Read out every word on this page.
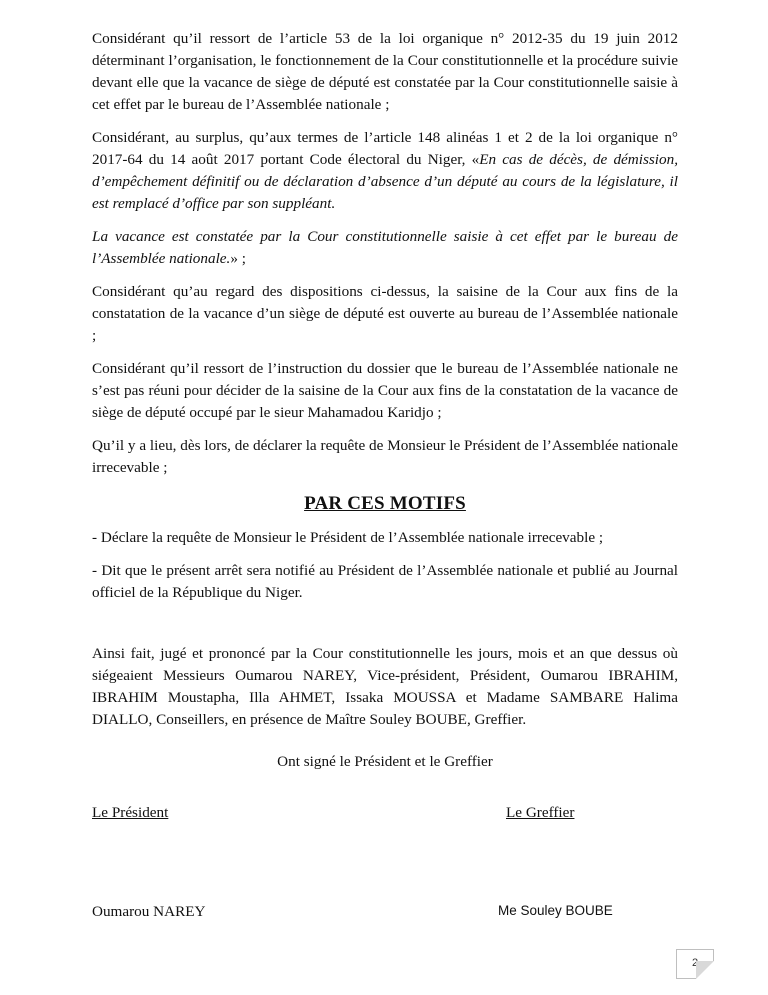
Considérant qu’il ressort de l’article 53 de la loi organique n° 2012-35 du 19 juin 2012 déterminant l’organisation, le fonctionnement de la Cour constitutionnelle et la procédure suivie devant elle que la vacance de siège de député est constatée par la Cour constitutionnelle saisie à cet effet par le bureau de l’Assemblée nationale ;

Considérant, au surplus, qu’aux termes de l’article 148 alinéas 1 et 2 de la loi organique n° 2017-64 du 14 août 2017 portant Code électoral du Niger, «En cas de décès, de démission, d’empêchement définitif ou de déclaration d’absence d’un député au cours de la législature, il est remplacé d’office par son suppléant.

La vacance est constatée par la Cour constitutionnelle saisie à cet effet par le bureau de l’Assemblée nationale.» ;

Considérant qu’au regard des dispositions ci-dessus, la saisine de la Cour aux fins de la constatation de la vacance d’un siège de député est ouverte au bureau de l’Assemblée nationale ;

Considérant qu’il ressort de l’instruction du dossier que le bureau de l’Assemblée nationale ne s’est pas réuni pour décider de la saisine de la Cour aux fins de la constatation de la vacance de siège de député occupé par le sieur Mahamadou Karidjo ;

Qu’il y a lieu, dès lors, de déclarer la requête de Monsieur le Président de l’Assemblée nationale irrecevable ;

PAR CES MOTIFS

- Déclare la requête de Monsieur le Président de l’Assemblée nationale irrecevable ;

- Dit que le présent arrêt sera notifié au Président de l’Assemblée nationale et publié au Journal officiel de la République du Niger.

Ainsi fait, jugé et prononcé par la Cour constitutionnelle les jours, mois et an que dessus où siégeaient Messieurs Oumarou NAREY, Vice-président, Président, Oumarou IBRAHIM, IBRAHIM Moustapha, Illa AHMET, Issaka MOUSSA et Madame SAMBARE Halima DIALLO, Conseillers, en présence de Maître Souley BOUBE, Greffier.

Ont signé le Président et le Greffier

Le Président	Le Greffier
Oumarou NAREY	Me Souley BOUBE
2
